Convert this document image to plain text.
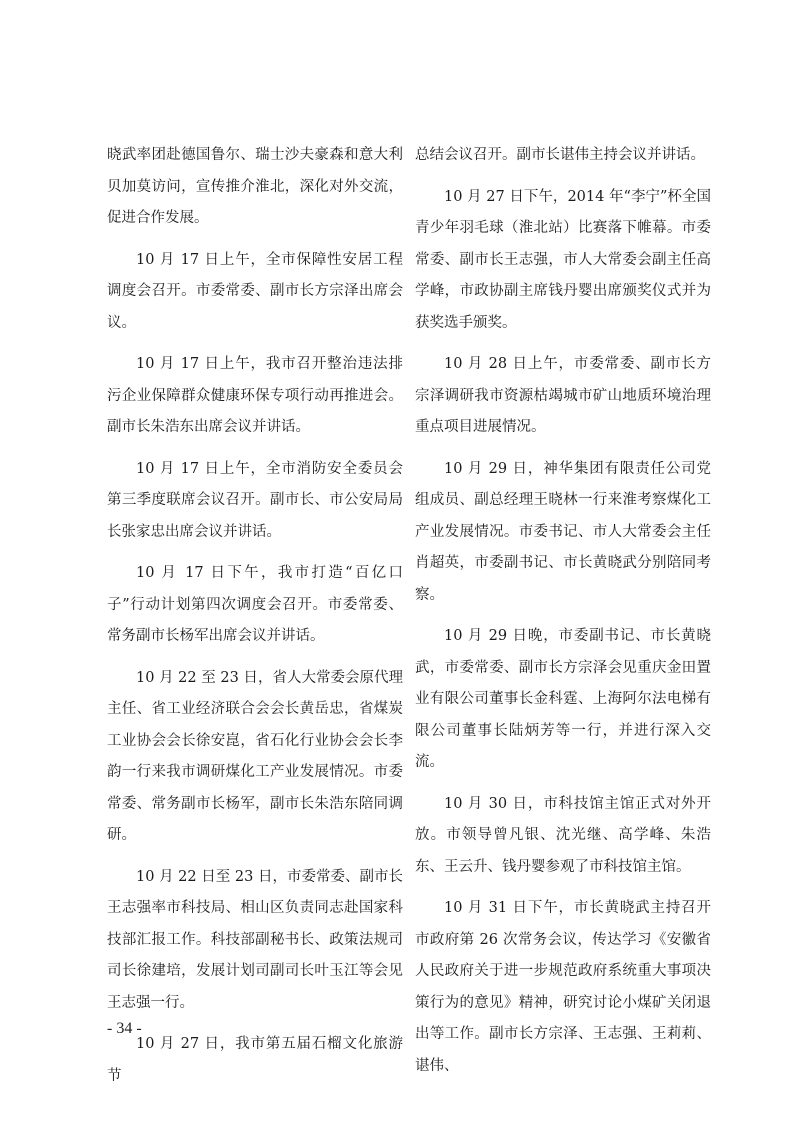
晓武率团赴德国鲁尔、瑞士沙夫豪森和意大利贝加莫访问，宣传推介淮北，深化对外交流，促进合作发展。

10 月 17 日上午，全市保障性安居工程调度会召开。市委常委、副市长方宗泽出席会议。

10 月 17 日上午，我市召开整治违法排污企业保障群众健康环保专项行动再推进会。副市长朱浩东出席会议并讲话。

10 月 17 日上午，全市消防安全委员会第三季度联席会议召开。副市长、市公安局局长张家忠出席会议并讲话。

10 月 17 日下午，我市打造“百亿口子”行动计划第四次调度会召开。市委常委、常务副市长杨军出席会议并讲话。

10 月 22 至 23 日，省人大常委会原代理主任、省工业经济联合会会长黄岳忠，省煤炭工业协会会长徐安崑，省石化行业协会会长李韵一行来我市调研煤化工产业发展情况。市委常委、常务副市长杨军，副市长朱浩东陪同调研。

10 月 22 日至 23 日，市委常委、副市长王志强率市科技局、相山区负责同志赴国家科技部汇报工作。科技部副秘书长、政策法规司司长徐建培，发展计划司副司长叶玉江等会见王志强一行。

10 月 27 日，我市第五届石榴文化旅游节

总结会议召开。副市长谌伟主持会议并讲话。

10 月 27 日下午，2014 年“李宁”杯全国青少年羽毛球（淮北站）比赛落下帷幕。市委常委、副市长王志强，市人大常委会副主任高学峰，市政协副主席钱丹婴出席颁奖仪式并为获奖选手颁奖。

10 月 28 日上午，市委常委、副市长方宗泽调研我市资源枯竭城市矿山地质环境治理重点项目进展情况。

10 月 29 日，神华集团有限责任公司党组成员、副总经理王晓林一行来淮考察煤化工产业发展情况。市委书记、市人大常委会主任肖超英，市委副书记、市长黄晓武分别陪同考察。

10 月 29 日晚，市委副书记、市长黄晓武，市委常委、副市长方宗泽会见重庆金田置业有限公司董事长金科霆、上海阿尔法电梯有限公司董事长陆炳芳等一行，并进行深入交流。

10 月 30 日，市科技馆主馆正式对外开放。市领导曾凡银、沈光继、高学峰、朱浩东、王云升、钱丹婴参观了市科技馆主馆。

10 月 31 日下午，市长黄晓武主持召开市政府第 26 次常务会议，传达学习《安徽省人民政府关于进一步规范政府系统重大事项决策行为的意见》精神，研究讨论小煤矿关闭退出等工作。副市长方宗泽、王志强、王莉莉、谌伟、

- 34 -
